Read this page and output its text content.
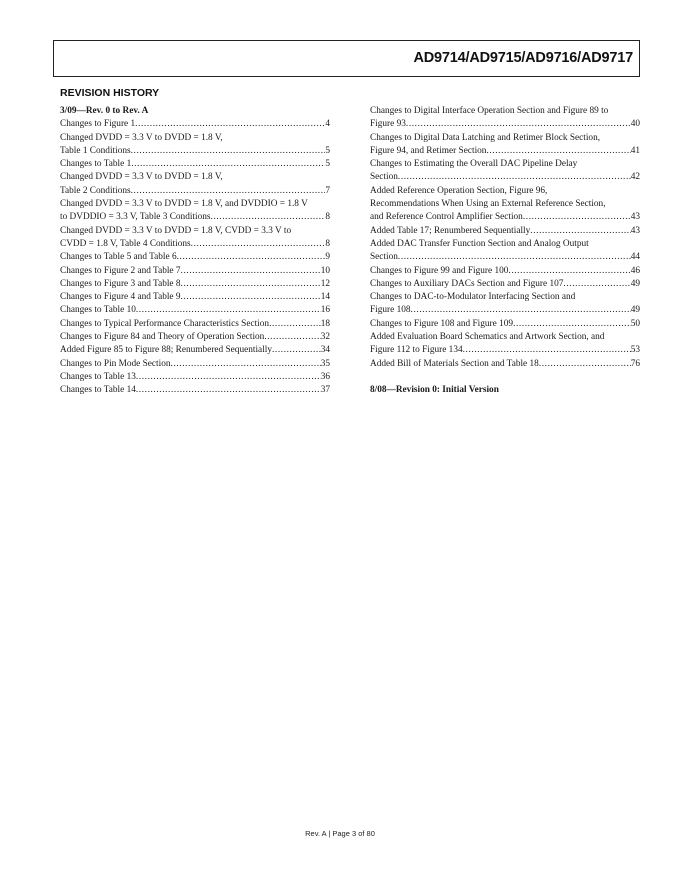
AD9714/AD9715/AD9716/AD9717
REVISION HISTORY
3/09—Rev. 0 to Rev. A
Changes to Figure 1 .....	4
Changed DVDD = 3.3 V to DVDD = 1.8 V,
Table 1 Conditions .....	5
Changes to Table 1 .....	5
Changed DVDD = 3.3 V to DVDD = 1.8 V,
Table 2 Conditions .....	7
Changed DVDD = 3.3 V to DVDD = 1.8 V, and DVDDIO = 1.8 V
to DVDDIO = 3.3 V, Table 3 Conditions .....	8
Changed DVDD = 3.3 V to DVDD = 1.8 V, CVDD = 3.3 V to
CVDD = 1.8 V, Table 4 Conditions .....	8
Changes to Table 5 and Table 6 .....	9
Changes to Figure 2 and Table 7 .....	10
Changes to Figure 3 and Table 8 .....	12
Changes to Figure 4 and Table 9 .....	14
Changes to Table 10 .....	16
Changes to Typical Performance Characteristics Section .....	18
Changes to Figure 84 and Theory of Operation Section .....	32
Added Figure 85 to Figure 88; Renumbered Sequentially .....	34
Changes to Pin Mode Section .....	35
Changes to Table 13 .....	36
Changes to Table 14 .....	37
Changes to Digital Interface Operation Section and Figure 89 to
Figure 93 .....	40
Changes to Digital Data Latching and Retimer Block Section,
Figure 94, and Retimer Section .....	41
Changes to Estimating the Overall DAC Pipeline Delay
Section .....	42
Added Reference Operation Section, Figure 96,
Recommendations When Using an External Reference Section,
and Reference Control Amplifier Section .....	43
Added Table 17; Renumbered Sequentially .....	43
Added DAC Transfer Function Section and Analog Output
Section .....	44
Changes to Figure 99 and Figure 100 .....	46
Changes to Auxiliary DACs Section and Figure 107 .....	49
Changes to DAC-to-Modulator Interfacing Section and
Figure 108 .....	49
Changes to Figure 108 and Figure 109 .....	50
Added Evaluation Board Schematics and Artwork Section, and
Figure 112 to Figure 134 .....	53
Added Bill of Materials Section and Table 18 .....	76
8/08—Revision 0: Initial Version
Rev. A | Page 3 of 80
